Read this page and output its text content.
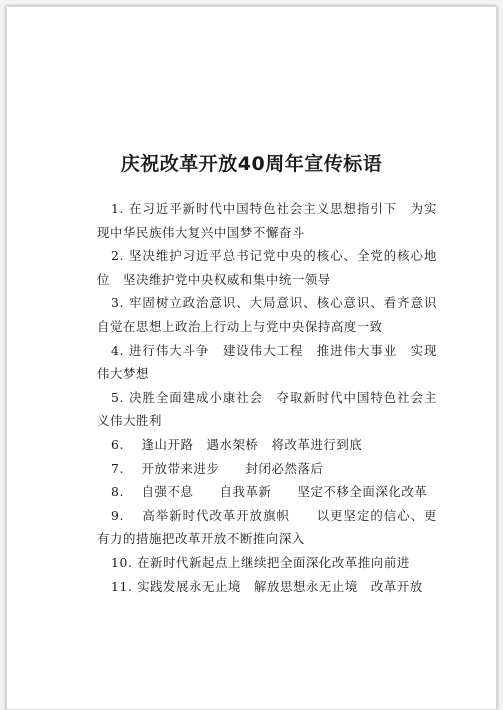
庆祝改革开放40周年宣传标语

1. 在习近平新时代中国特色社会主义思想指引下　为实现中华民族伟大复兴中国梦不懈奋斗

2. 坚决维护习近平总书记党中央的核心、全党的核心地位　坚决维护党中央权威和集中统一领导

3. 牢固树立政治意识、大局意识、核心意识、看齐意识自觉在思想上政治上行动上与党中央保持高度一致

4. 进行伟大斗争　建设伟大工程　推进伟大事业　实现伟大梦想

5. 决胜全面建成小康社会　夺取新时代中国特色社会主义伟大胜利

6. 　逢山开路　遇水架桥　将改革进行到底

7. 　开放带来进步　　封闭必然落后

8. 　自强不息　　自我革新　　坚定不移全面深化改革

9. 　高举新时代改革开放旗帜　　以更坚定的信心、更有力的措施把改革开放不断推向深入

10. 在新时代新起点上继续把全面深化改革推向前进

11. 实践发展永无止境　解放思想永无止境　改革开放
